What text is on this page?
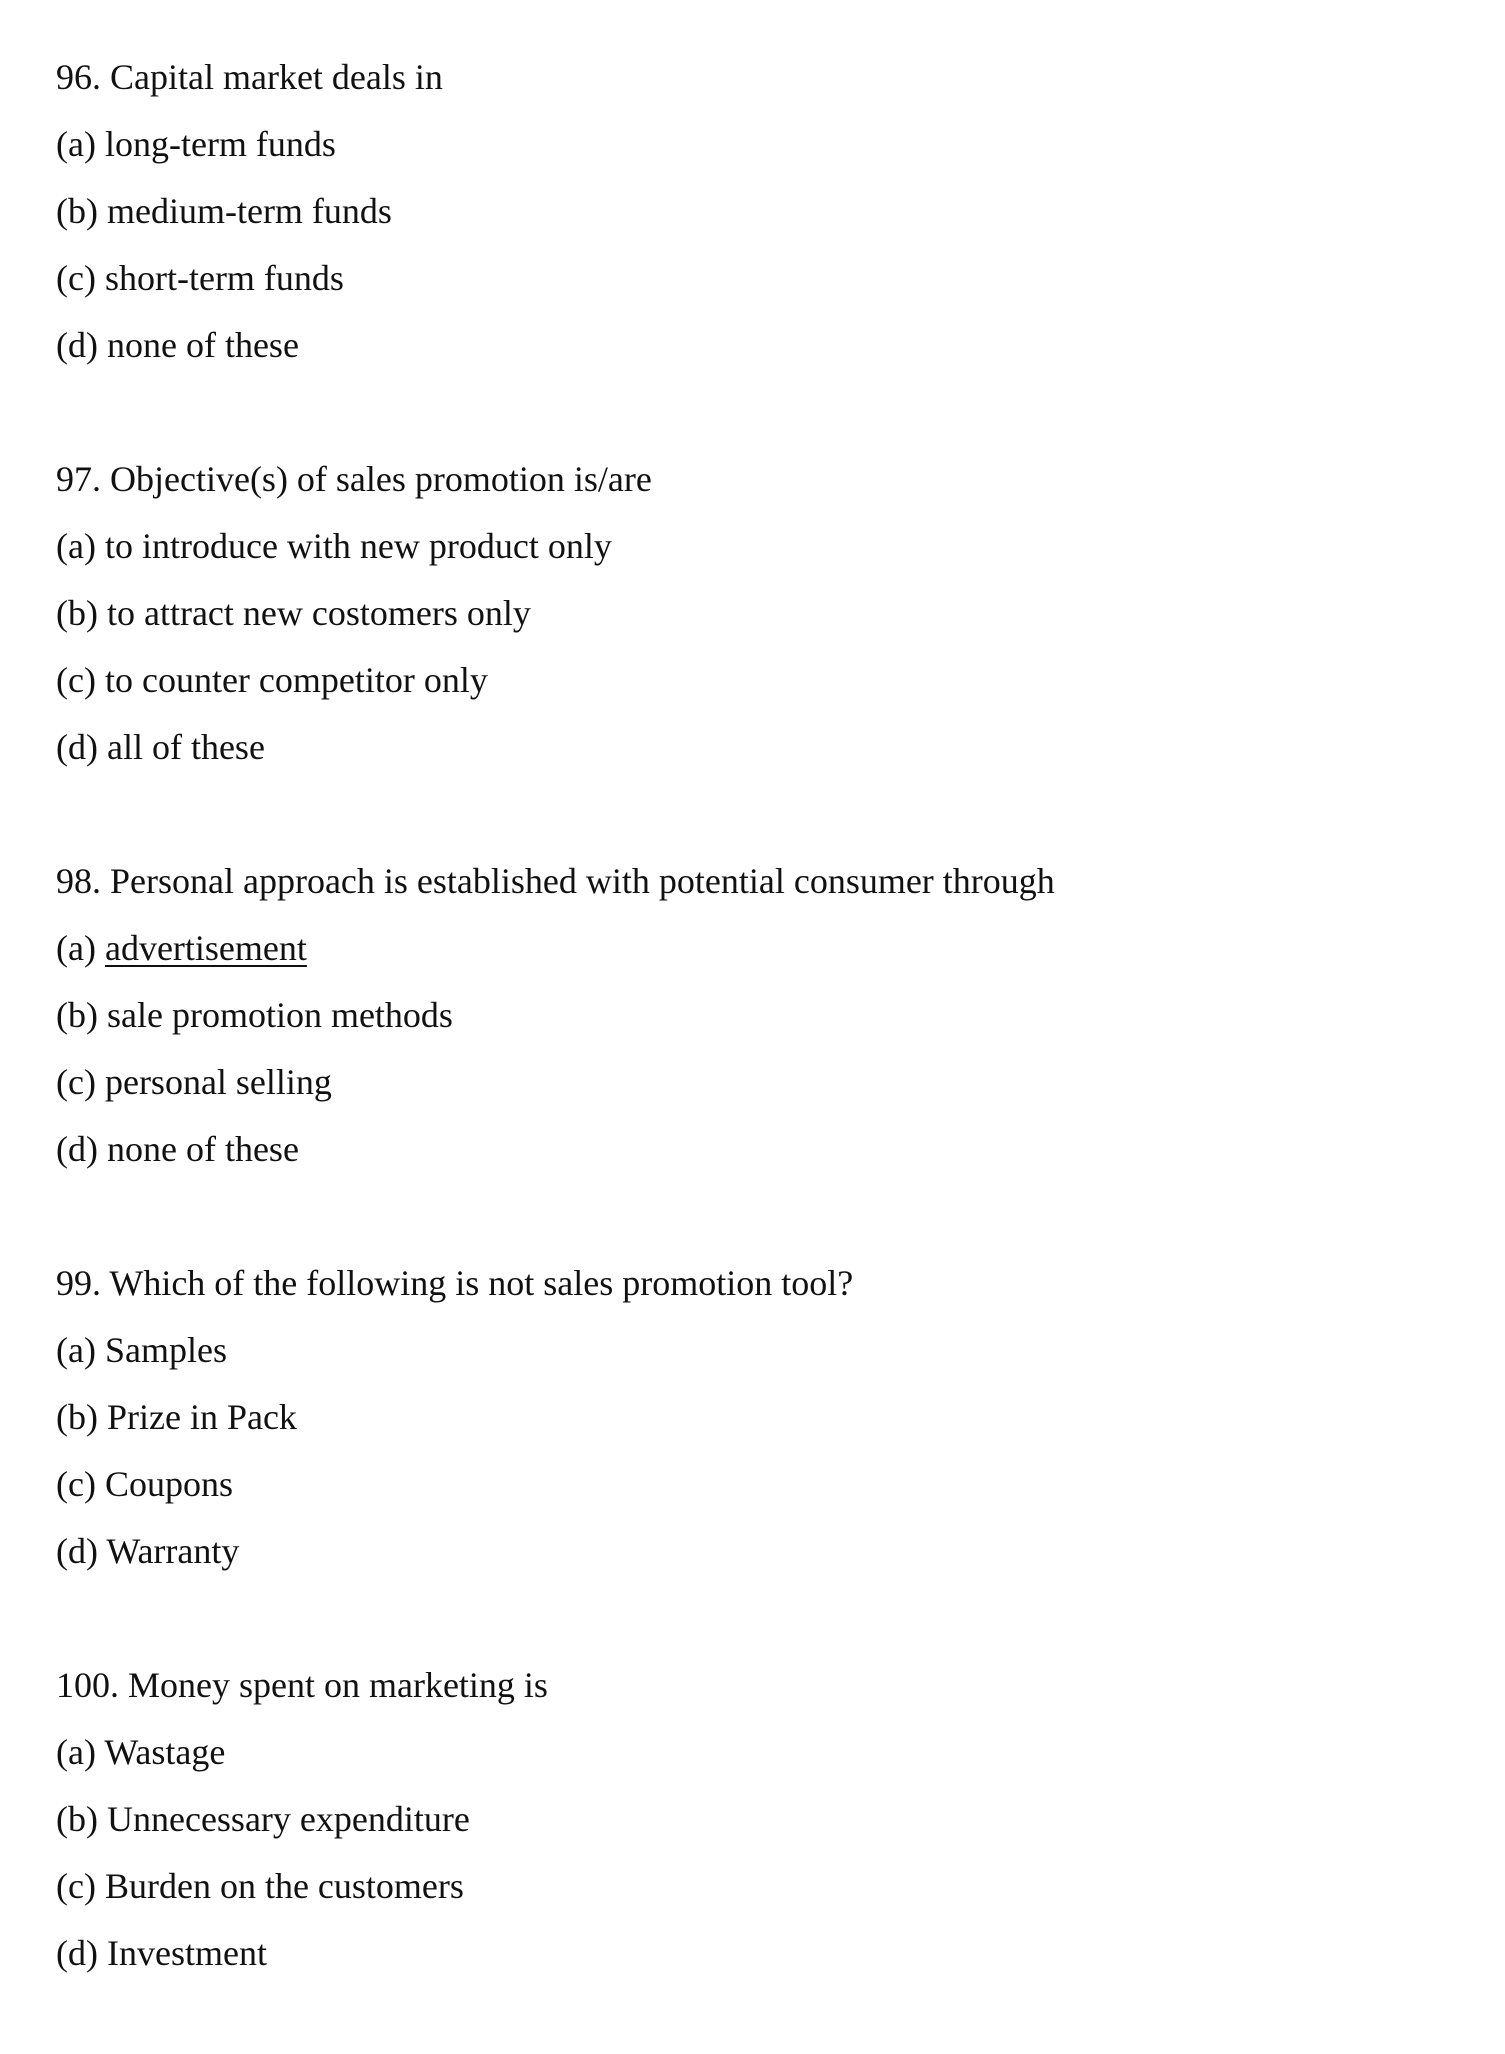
96. Capital market deals in
(a) long-term funds
(b) medium-term funds
(c) short-term funds
(d) none of these
97. Objective(s) of sales promotion is/are
(a) to introduce with new product only
(b) to attract new costomers only
(c) to counter competitor only
(d) all of these
98. Personal approach is established with potential consumer through
(a) advertisement
(b) sale promotion methods
(c) personal selling
(d) none of these
99. Which of the following is not sales promotion tool?
(a) Samples
(b) Prize in Pack
(c) Coupons
(d) Warranty
100. Money spent on marketing is
(a) Wastage
(b) Unnecessary expenditure
(c) Burden on the customers
(d) Investment
